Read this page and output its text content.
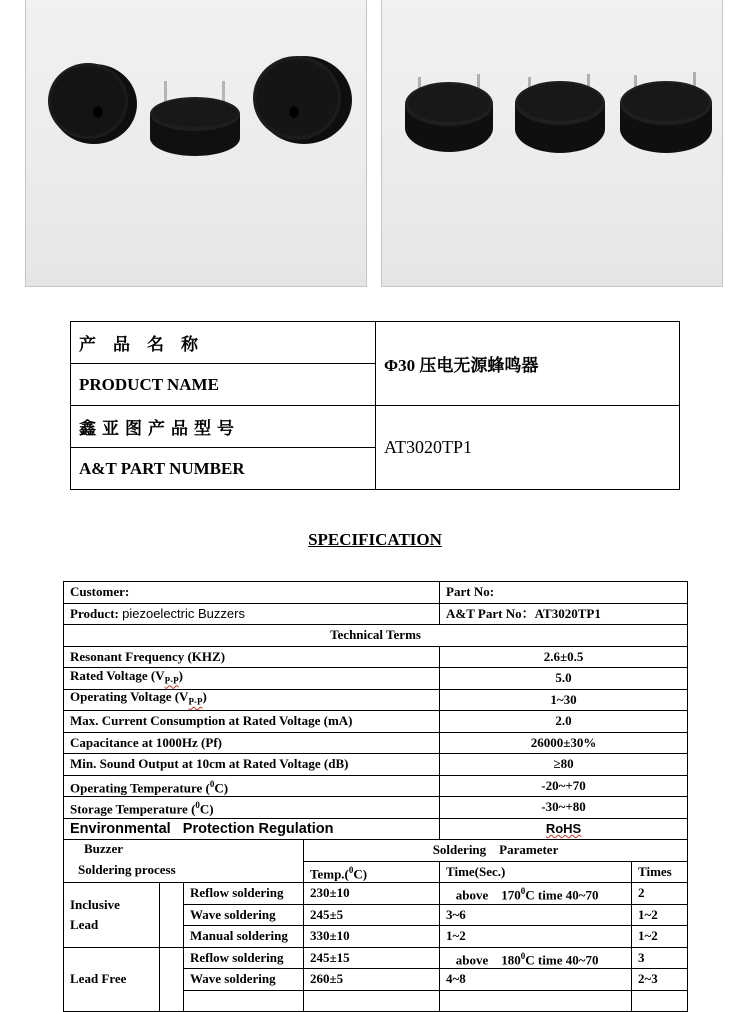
产品名称	Φ30 压电无源蜂鸣器
PRODUCT NAME	
鑫亚图产品型号	AT3020TP1
A&T PART NUMBER	
SPECIFICATION
Customer:				Part No:	
Product: piezoelectric Buzzers				A&T Part No：AT3020TP1	
Technical Terms					
Resonant Frequency (KHZ)				2.6±0.5	
Rated Voltage $(V_{P-P})$				5.0	
Operating Voltage $(V_{P-P})$				1~30	
Max. Current Consumption at Rated Voltage (mA)				2.0	
Capacitance at 1000Hz (Pf)				26000±30%	
Min. Sound Output at 10cm at Rated Voltage (dB)				≥80	
Operating Temperature ($^0$C)				-20~+70	
Storage Temperature ($^0$C)				-30~+80	
Environmental   Protection Regulation				RoHS	

Buzzer
Soldering process			Soldering    Parameter		
			Temp.($^0$C)	Time(Sec.)	Times

Inclusive
Lead		Reflow soldering	230±10	above    $170^0C$ time 40~70	2
		Wave soldering	245±5	3~6	1~2
		Manual soldering	330±10	1~2	1~2
Lead Free		Reflow soldering	245±15	above    $180^0C$ time 40~70	3
		Wave soldering	260±5	4~8	2~3
